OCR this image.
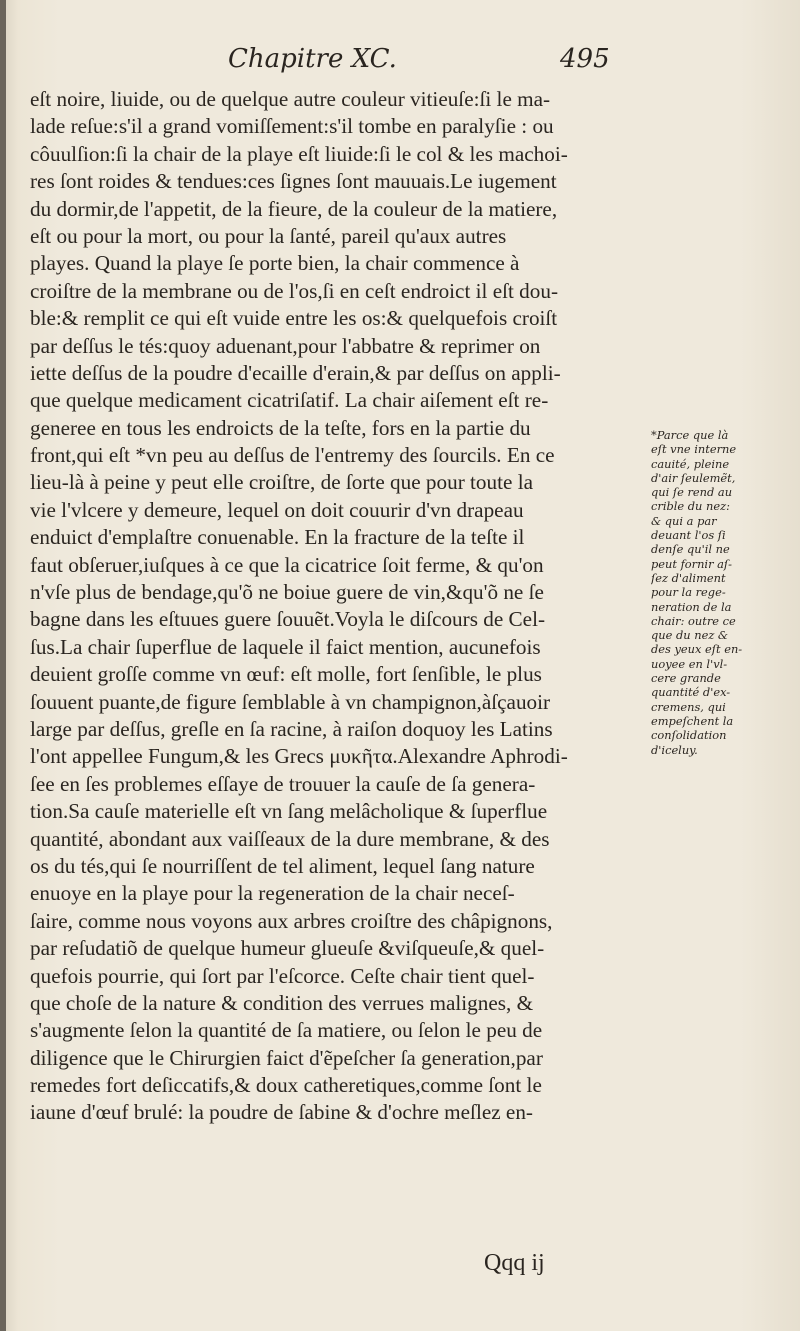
Chapitre XC.	495
eſt noire, liuide, ou de quelque autre couleur vitieuſe:ſi le ma-
lade reſue:s'il a grand vomiſſement:s'il tombe en paralyſie : ou
côuulſion:ſi la chair de la playe eſt liuide:ſi le col & les machoi-
res ſont roides & tendues:ces ſignes ſont mauuais.Le iugement
du dormir,de l'appetit, de la fieure, de la couleur de la matiere,
eſt ou pour la mort, ou pour la ſanté, pareil qu'aux autres
playes. Quand la playe ſe porte bien, la chair commence à
croiſtre de la membrane ou de l'os,ſi en ceſt endroict il eſt dou-
ble:& remplit ce qui eſt vuide entre les os:& quelquefois croiſt
par deſſus le tés:quoy aduenant,pour l'abbatre & reprimer on
iette deſſus de la poudre d'ecaille d'erain,& par deſſus on appli-
que quelque medicament cicatriſatif. La chair aiſement eſt re-
generee en tous les endroicts de la teſte, fors en la partie du
front,qui eſt *vn peu au deſſus de l'entremy des ſourcils. En ce
lieu-là à peine y peut elle croiſtre, de ſorte que pour toute la
vie l'vlcere y demeure, lequel on doit couurir d'vn drapeau
enduict d'emplaſtre conuenable. En la fracture de la teſte il
faut obſeruer,iuſques à ce que la cicatrice ſoit ferme, & qu'on
n'vſe plus de bendage,qu'õ ne boiue guere de vin,&qu'õ ne ſe
bagne dans les eſtuues guere ſouuẽt.Voyla le diſcours de Cel-
ſus.La chair ſuperflue de laquele il faict mention, aucunefois
deuient groſſe comme vn œuf: eſt molle, fort ſenſible, le plus
ſouuent puante,de figure ſemblable à vn champignon,àſçauoir
large par deſſus, greſle en ſa racine, à raiſon doquoy les Latins
l'ont appellee Fungum,& les Grecs μυκῆτα.Alexandre Aphrodi-
ſee en ſes problemes eſſaye de trouuer la cauſe de ſa genera-
tion.Sa cauſe materielle eſt vn ſang melâcholique & ſuperflue
quantité, abondant aux vaiſſeaux de la dure membrane, & des
os du tés,qui ſe nourriſſent de tel aliment, lequel ſang nature
enuoye en la playe pour la regeneration de la chair neceſ-
ſaire, comme nous voyons aux arbres croiſtre des châpignons,
par reſudatiõ de quelque humeur glueuſe &viſqueuſe,& quel-
quefois pourrie, qui ſort par l'eſcorce. Ceſte chair tient quel-
que choſe de la nature & condition des verrues malignes, &
s'augmente ſelon la quantité de ſa matiere, ou ſelon le peu de
diligence que le Chirurgien faict d'ẽpeſcher ſa generation,par
remedes fort deſiccatifs,& doux catheretiques,comme ſont le
iaune d'œuf brulé: la poudre de ſabine & d'ochre meſlez en-
*Parce que là
eſt vne interne
cauité, pleine
d'air ſeulemẽt,
qui ſe rend au
crible du nez:
& qui a par
deuant l'os ſi
denſe qu'il ne
peut fornir aſ-
ſez d'aliment
pour la rege-
neration de la
chair: outre ce
que du nez &
des yeux eſt en-
uoyee en l'vl-
cere grande
quantité d'ex-
cremens, qui
empeſchent la
conſolidation
d'iceluy.
Qqq ij
